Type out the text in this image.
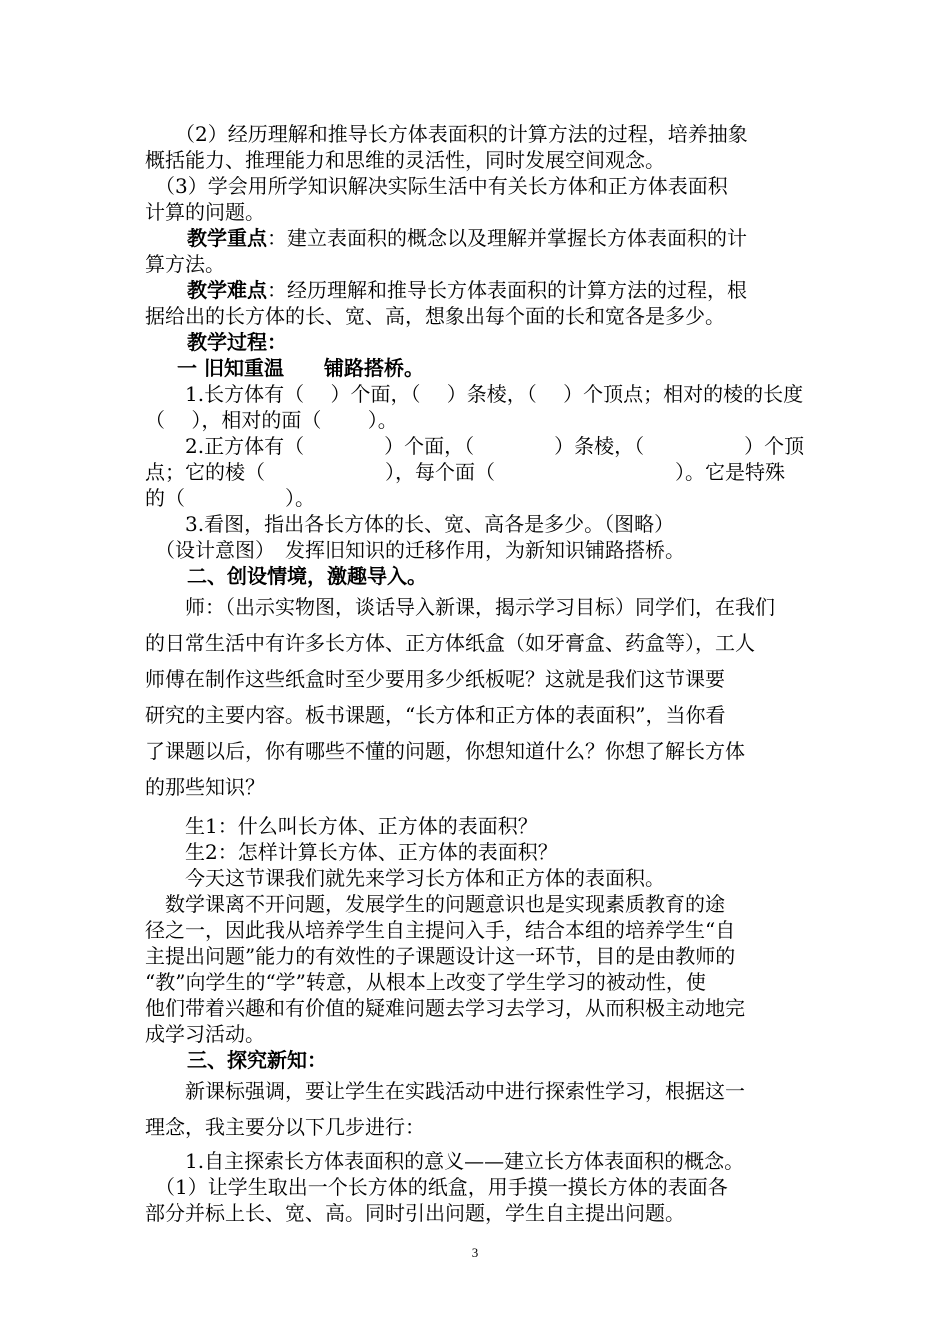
　　（2）经历理解和推导长方体表面积的计算方法的过程，培养抽象
概括能力、推理能力和思维的灵活性，同时发展空间观念。
　（3）学会用所学知识解决实际生活中有关长方体和正方体表面积
计算的问题。
教学重点：建立表面积的概念以及理解并掌握长方体表面积的计
算方法。
教学难点：经历理解和推导长方体表面积的计算方法的过程，根
据给出的长方体的长、宽、高，想象出每个面的长和宽各是多少。
教学过程：
一 旧知重温　　铺路搭桥。
　　1.长方体有（　 ）个面，（　 ）条棱，（　 ）个顶点；相对的棱的长度
（　 ），相对的面（　　 ）。
　　2.正方体有（　　　　）个面，（　　　　）条棱，（　　　　　）个顶
点；它的棱（　　　　　　），每个面（　　　　　　　　　）。它是特殊
的（　　　　　）。
　　3.看图，指出各长方体的长、宽、高各是多少。（图略）
　（设计意图）　发挥旧知识的迁移作用，为新知识铺路搭桥。
二、创设情境，激趣导入。
　　师：（出示实物图，谈话导入新课，揭示学习目标）同学们，在我们
的日常生活中有许多长方体、正方体纸盒（如牙膏盒、药盒等），工人
师傅在制作这些纸盒时至少要用多少纸板呢？这就是我们这节课要
研究的主要内容。板书课题，“长方体和正方体的表面积”，当你看
了课题以后，你有哪些不懂的问题，你想知道什么？你想了解长方体
的那些知识？
　　生1：什么叫长方体、正方体的表面积？
　　生2：怎样计算长方体、正方体的表面积？
　　今天这节课我们就先来学习长方体和正方体的表面积。
　数学课离不开问题，发展学生的问题意识也是实现素质教育的途
径之一，因此我从培养学生自主提问入手，结合本组的培养学生“自
主提出问题”能力的有效性的子课题设计这一环节，目的是由教师的
“教”向学生的“学”转意，从根本上改变了学生学习的被动性，使
他们带着兴趣和有价值的疑难问题去学习去学习，从而积极主动地完
成学习活动。
三、探究新知：
　　新课标强调，要让学生在实践活动中进行探索性学习，根据这一
理念，我主要分以下几步进行：
　　1.自主探索长方体表面积的意义——建立长方体表面积的概念。
　（1）让学生取出一个长方体的纸盒，用手摸一摸长方体的表面各
部分并标上长、宽、高。同时引出问题，学生自主提出问题。
3
